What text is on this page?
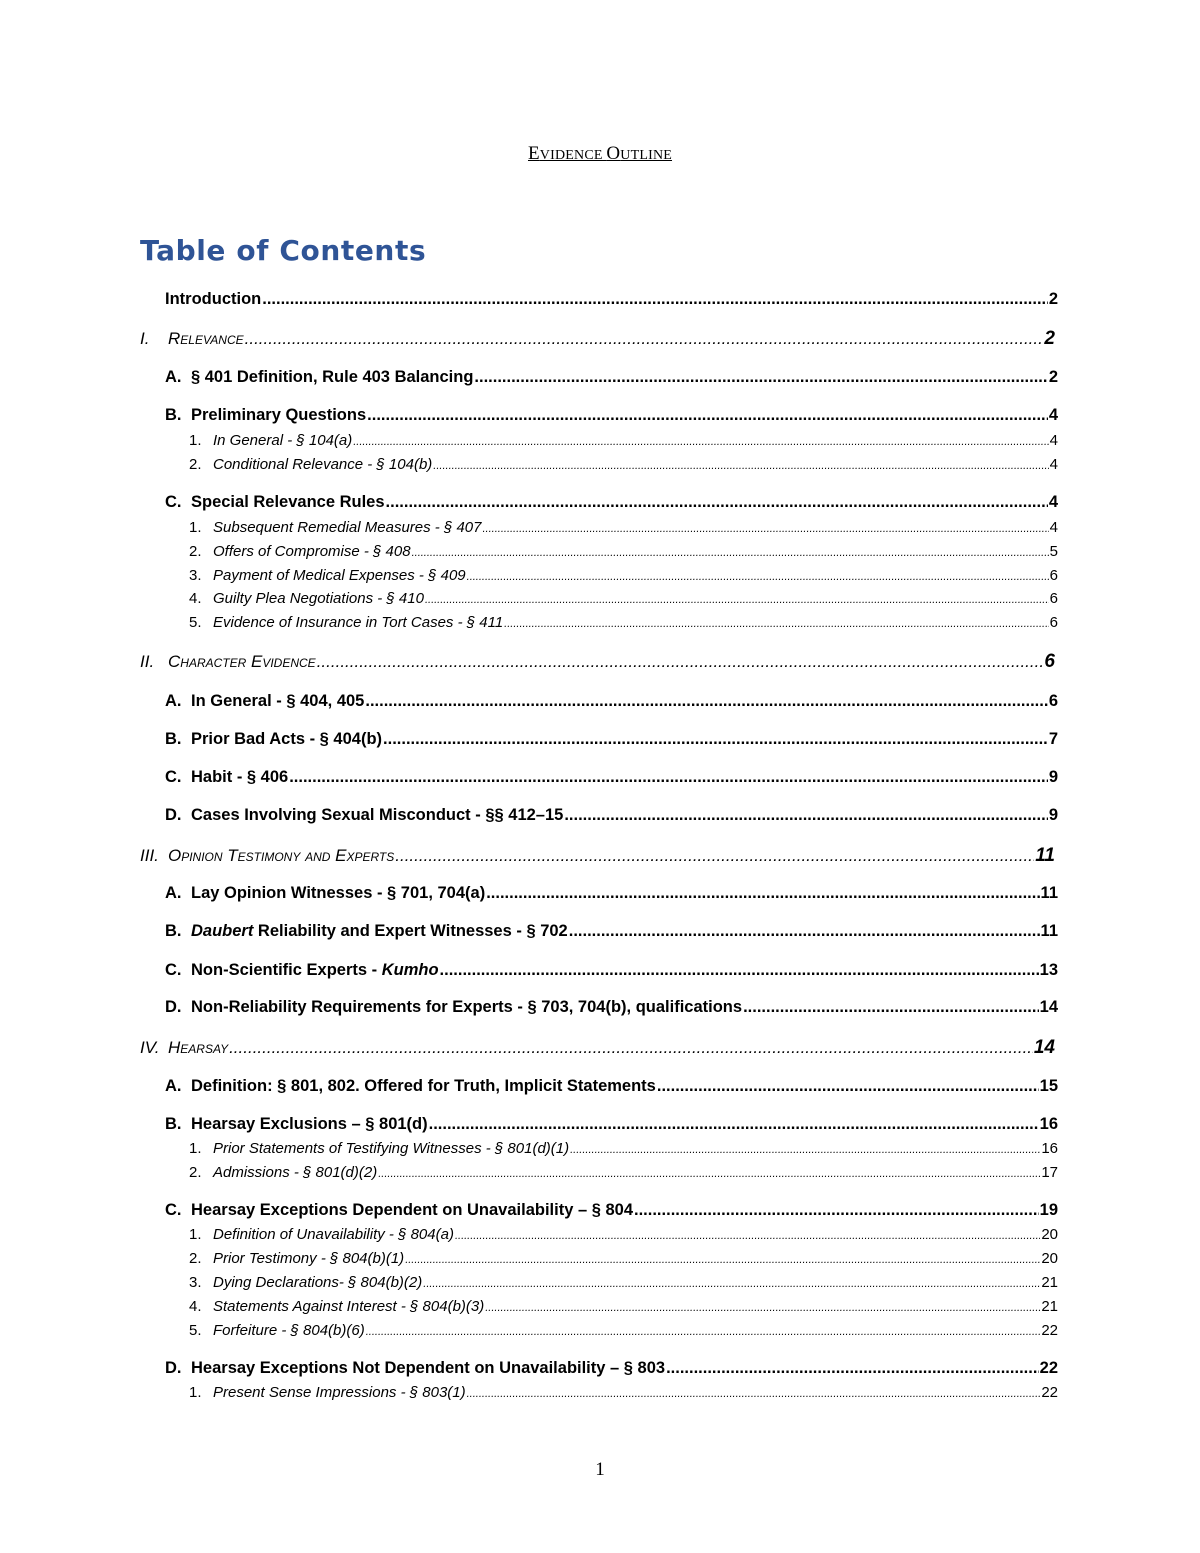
EVIDENCE OUTLINE
Table of Contents
Introduction .....	2
I.	Relevance .....	2
A. § 401 Definition, Rule 403 Balancing .....	2
B. Preliminary Questions .....	4
1. In General - § 104(a) .....	4
2. Conditional Relevance - § 104(b) .....	4
C. Special Relevance Rules .....	4
1. Subsequent Remedial Measures - § 407 .....	4
2. Offers of Compromise - § 408 .....	5
3. Payment of Medical Expenses - § 409 .....	6
4. Guilty Plea Negotiations - § 410 .....	6
5. Evidence of Insurance in Tort Cases - § 411 .....	6
II. Character Evidence .....	6
A. In General - § 404, 405 .....	6
B. Prior Bad Acts - § 404(b) .....	7
C. Habit - § 406 .....	9
D. Cases Involving Sexual Misconduct - §§ 412–15 .....	9
III. Opinion Testimony and Experts .....	11
A. Lay Opinion Witnesses - § 701, 704(a) .....	11
B. Daubert Reliability and Expert Witnesses - § 702 .....	11
C. Non-Scientific Experts - Kumho .....	13
D. Non-Reliability Requirements for Experts - § 703, 704(b), qualifications .....	14
IV. Hearsay .....	14
A. Definition: § 801, 802. Offered for Truth, Implicit Statements .....	15
B. Hearsay Exclusions – § 801(d) .....	16
1. Prior Statements of Testifying Witnesses - § 801(d)(1) .....	16
2. Admissions - § 801(d)(2) .....	17
C. Hearsay Exceptions Dependent on Unavailability – § 804 .....	19
1. Definition of Unavailability - § 804(a) .....	20
2. Prior Testimony - § 804(b)(1) .....	20
3. Dying Declarations- § 804(b)(2) .....	21
4. Statements Against Interest - § 804(b)(3) .....	21
5. Forfeiture - § 804(b)(6) .....	22
D. Hearsay Exceptions Not Dependent on Unavailability – § 803 .....	22
1. Present Sense Impressions - § 803(1) .....	22
1
